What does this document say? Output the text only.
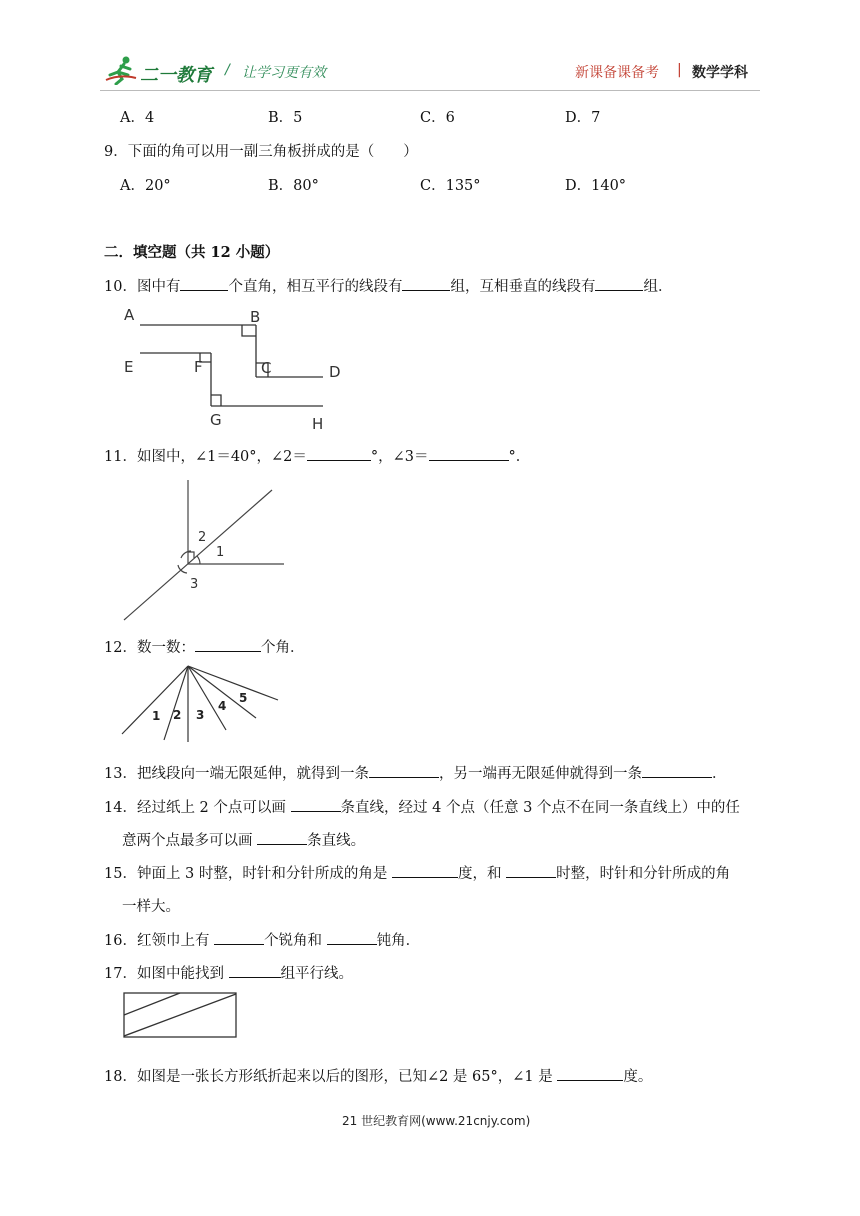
二一教育 / 让学习更有效	新课备课备考 | 数学学科
A．4	B．5	C．6	D．7
9．下面的角可以用一副三角板拼成的是（　　）
A．20°	B．80°	C．135°	D．140°
二．填空题（共 12 小题）
10．图中有	个直角，相互平行的线段有	组，互相垂直的线段有	组．
A	B
E	F	C	D
G	H
11．如图中，∠1＝40°，∠2＝	°，∠3＝	°．
2
1
3
12．数一数：	个角．
1 2 3
4
5
13．把线段向一端无限延伸，就得到一条	，另一端再无限延伸就得到一条	．
14．经过纸上 2 个点可以画	条直线，经过 4 个点（任意 3 个点不在同一条直线上）中的任
意两个点最多可以画	条直线。
15．钟面上 3 时整，时针和分针所成的角是	度，和	时整，时针和分针所成的角
一样大。
16．红领巾上有	个锐角和	钝角．
17．如图中能找到	组平行线。
18．如图是一张长方形纸折起来以后的图形，已知∠2 是 65°，∠1 是	度。
21 世纪教育网(www.21cnjy.com)
